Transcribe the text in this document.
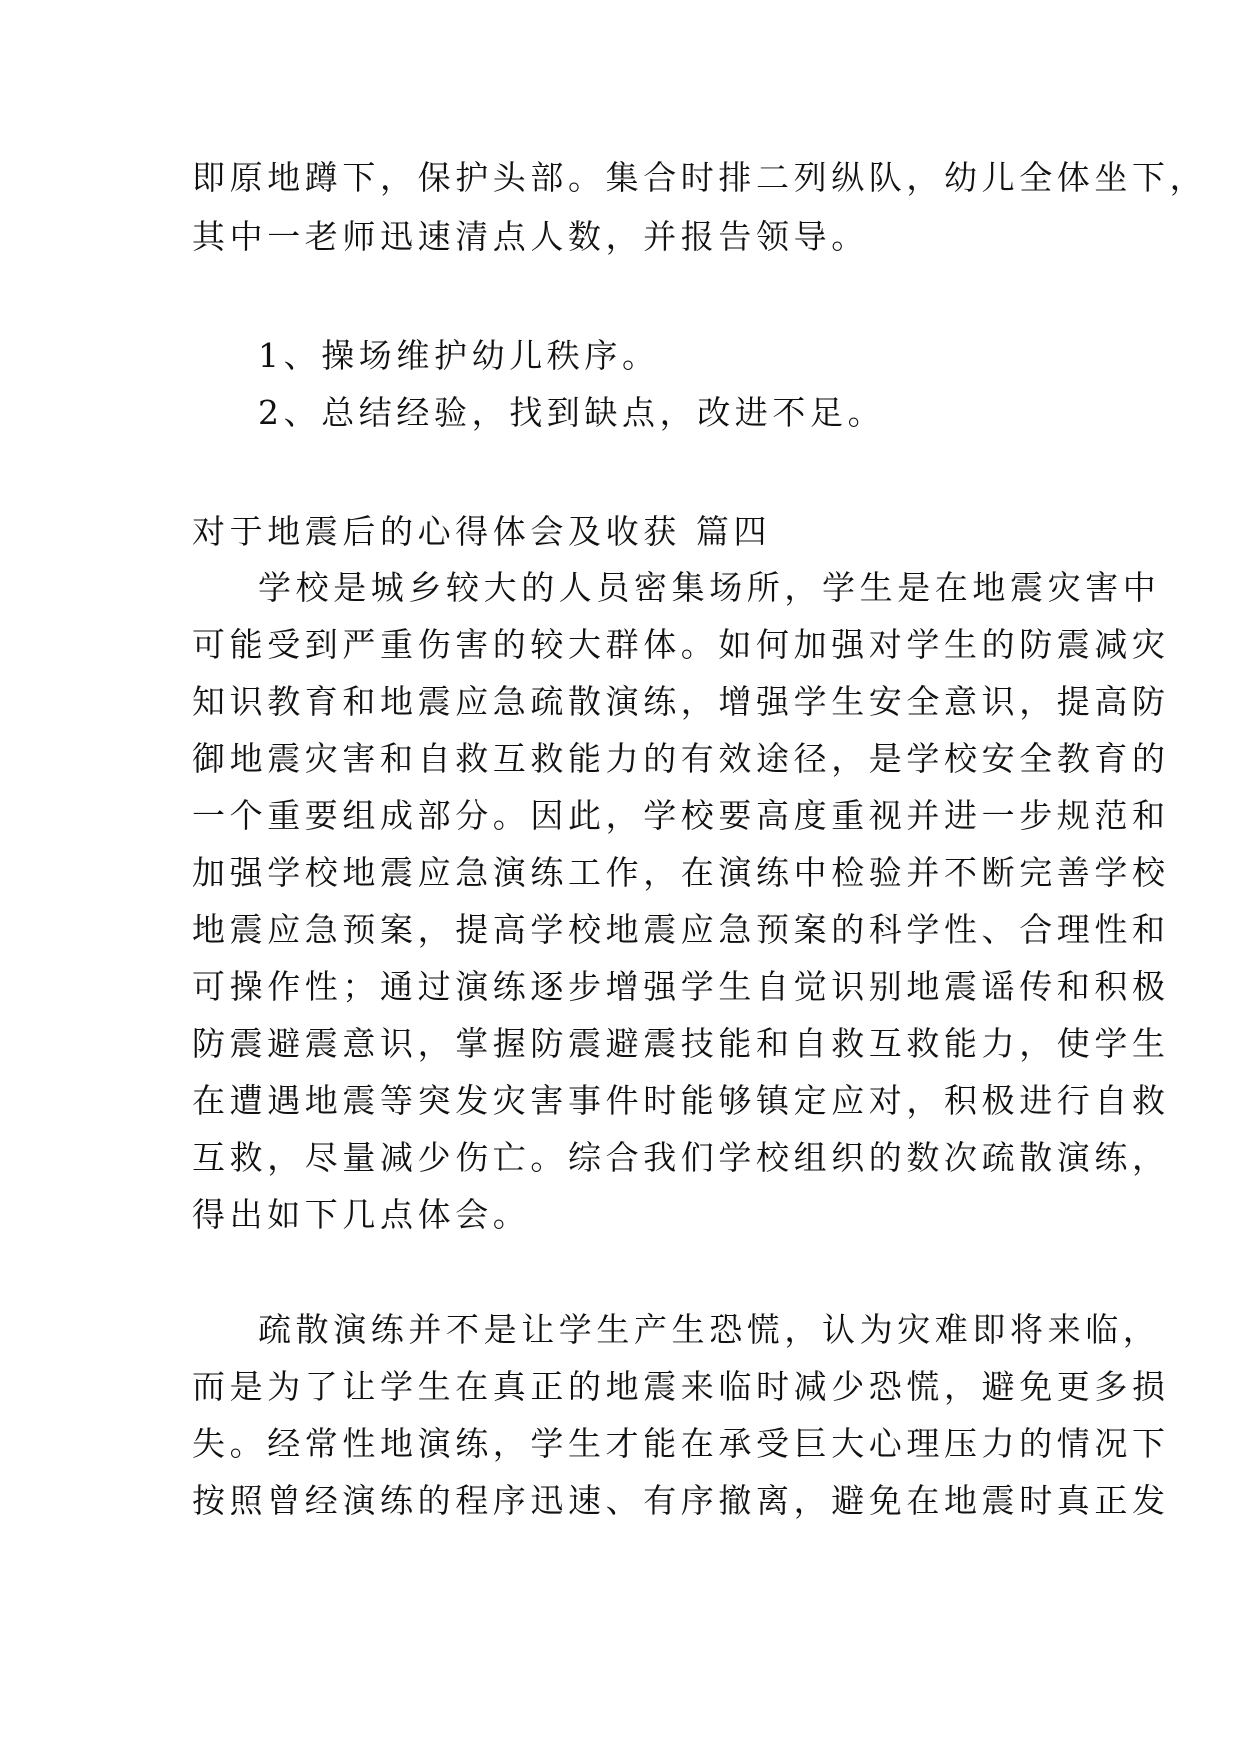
即原地蹲下，保护头部。集合时排二列纵队，幼儿全体坐下，
其中一老师迅速清点人数，并报告领导。
1、操场维护幼儿秩序。
2、总结经验，找到缺点，改进不足。
对于地震后的心得体会及收获 篇四
学校是城乡较大的人员密集场所，学生是在地震灾害中
可能受到严重伤害的较大群体。如何加强对学生的防震减灾
知识教育和地震应急疏散演练，增强学生安全意识，提高防
御地震灾害和自救互救能力的有效途径，是学校安全教育的
一个重要组成部分。因此，学校要高度重视并进一步规范和
加强学校地震应急演练工作，在演练中检验并不断完善学校
地震应急预案，提高学校地震应急预案的科学性、合理性和
可操作性；通过演练逐步增强学生自觉识别地震谣传和积极
防震避震意识，掌握防震避震技能和自救互救能力，使学生
在遭遇地震等突发灾害事件时能够镇定应对，积极进行自救
互救，尽量减少伤亡。综合我们学校组织的数次疏散演练，
得出如下几点体会。
疏散演练并不是让学生产生恐慌，认为灾难即将来临，
而是为了让学生在真正的地震来临时减少恐慌，避免更多损
失。经常性地演练，学生才能在承受巨大心理压力的情况下
按照曾经演练的程序迅速、有序撤离，避免在地震时真正发
